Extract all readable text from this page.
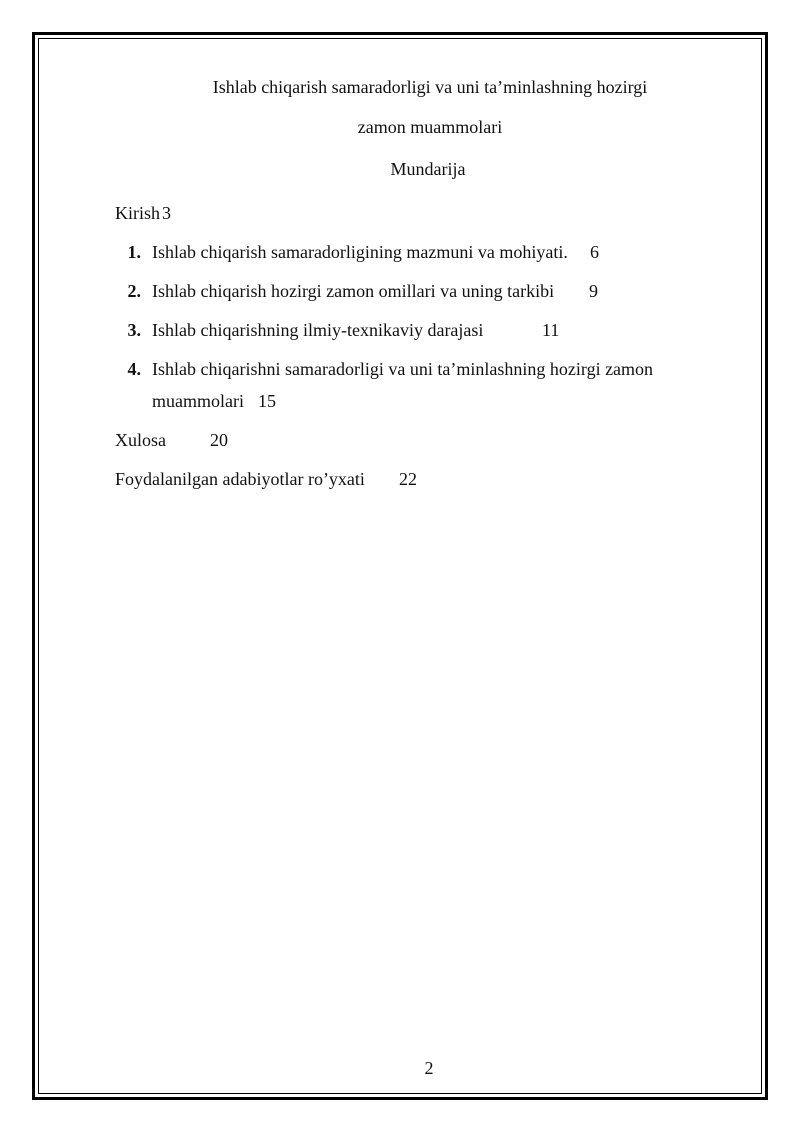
Ishlab chiqarish samaradorligi va uni ta’minlashning hozirgi
zamon muammolari
Mundarija
Kirish 3
1. Ishlab chiqarish samaradorligining mazmuni va mohiyati. 6
2. Ishlab chiqarish hozirgi zamon omillari va uning tarkibi 9
3. Ishlab chiqarishning ilmiy-texnikaviy darajasi	11
4. Ishlab chiqarishni samaradorligi va uni ta’minlashning hozirgi zamon
muammolari 15
Xulosa 20
Foydalanilgan adabiyotlar ro’yxati 22
2
